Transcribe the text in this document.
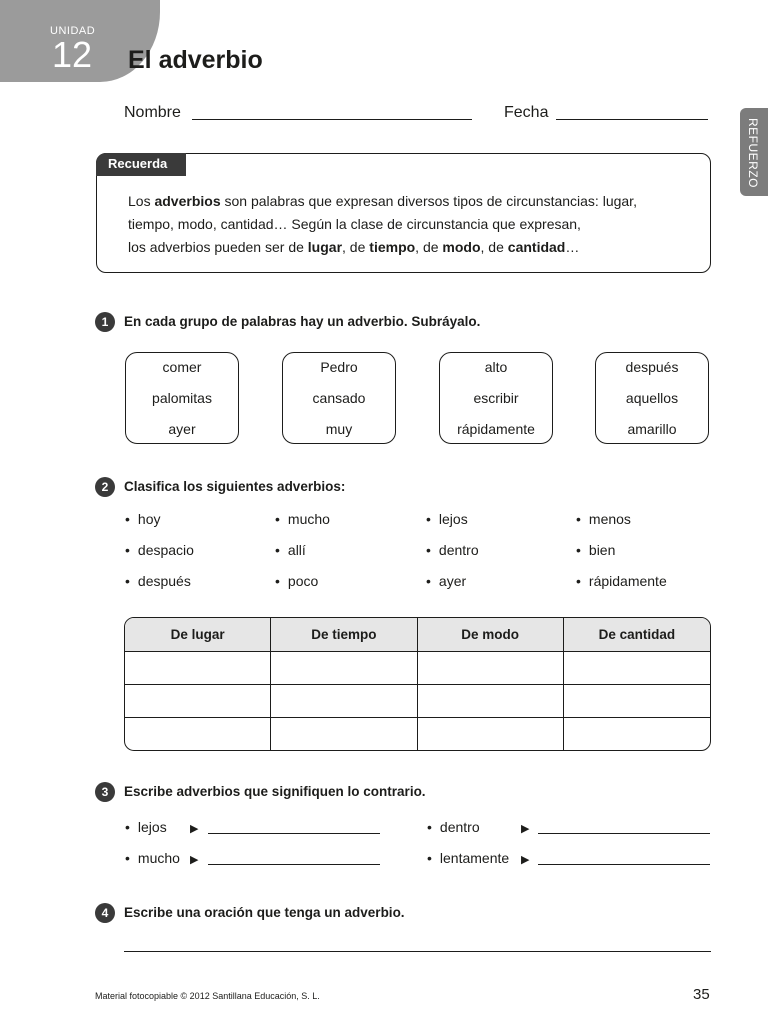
UNIDAD
12 El adverbio
REFUERZO
Nombre	Fecha
Recuerda

Los adverbios son palabras que expresan diversos tipos de circunstancias: lugar,

tiempo, modo, cantidad… Según la clase de circunstancia que expresan,

los adverbios pueden ser de lugar, de tiempo, de modo, de cantidad…

1	En cada grupo de palabras hay un adverbio. Subráyalo.
comer
palomitas
ayer
Pedro
cansado
muy
alto
escribir
rápidamente
después
aquellos
amarillo
2	Clasifica los siguientes adverbios:
• hoy
• despacio
• después
• mucho
• allí
• poco
• lejos
• dentro
• ayer
• menos
• bien
• rápidamente
De lugar	De tiempo	De modo	De cantidad

3	Escribe adverbios que signifiquen lo contrario.
• lejos ▶
• mucho ▶
• dentro	▶
• lentamente ▶
4	Escribe una oración que tenga un adverbio.
Material fotocopiable © 2012 Santillana Educación, S. L.	35
